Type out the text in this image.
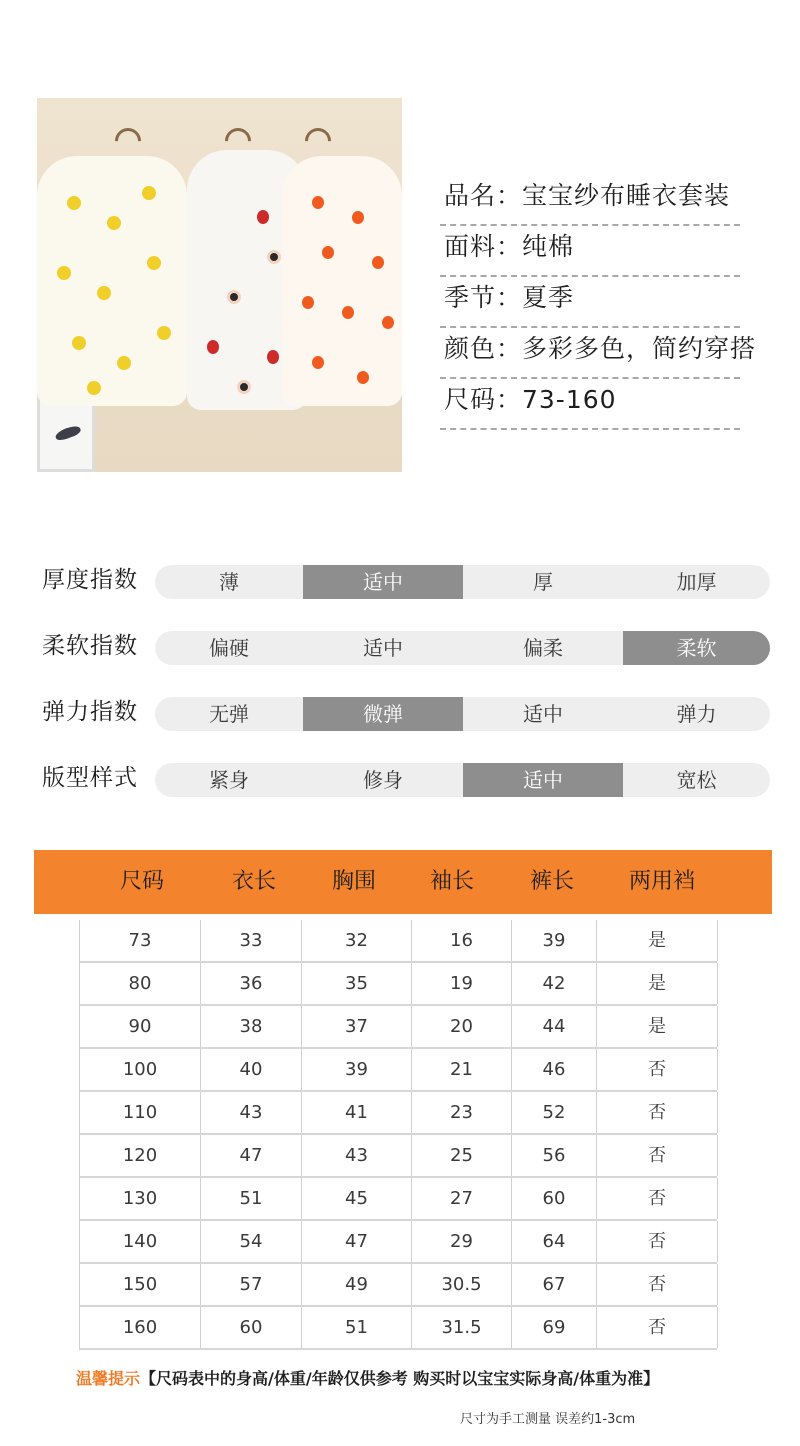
品名：宝宝纱布睡衣套装
面料：纯棉
季节：夏季
颜色：多彩多色，简约穿搭
尺码：73-160
厚度指数	薄	适中	厚	加厚
柔软指数	偏硬	适中	偏柔	柔软
弹力指数	无弹	微弹	适中	弹力
版型样式	紧身	修身	适中	宽松
尺码	衣长	胸围	袖长	裤长	两用裆
73	33	32	16	39	是
80	36	35	19	42	是
90	38	37	20	44	是
100	40	39	21	46	否
110	43	41	23	52	否
120	47	43	25	56	否
130	51	45	27	60	否
140	54	47	29	64	否
150	57	49	30.5	67	否
160	60	51	31.5	69	否
温馨提示【尺码表中的身高/体重/年龄仅供参考 购买时以宝宝实际身高/体重为准】
尺寸为手工测量 误差约1-3cm
